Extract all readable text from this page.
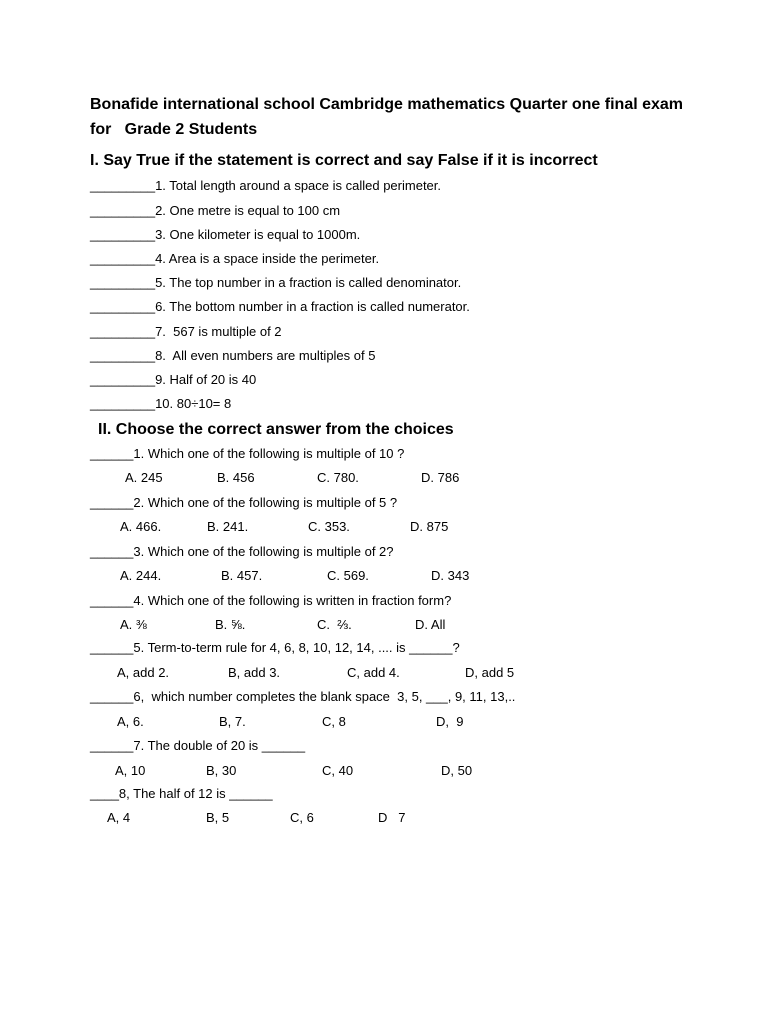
Bonafide international school Cambridge mathematics Quarter one final exam
for   Grade 2 Students
I. Say True if the statement is correct and say False if it is incorrect
_________1. Total length around a space is called perimeter.
_________2. One metre is equal to 100 cm
_________3. One kilometer is equal to 1000m.
_________4. Area is a space inside the perimeter.
_________5. The top number in a fraction is called denominator.
_________6. The bottom number in a fraction is called numerator.
_________7.  567 is multiple of 2
_________8.  All even numbers are multiples of 5
_________9. Half of 20 is 40
_________10. 80÷10= 8
II. Choose the correct answer from the choices
______1. Which one of the following is multiple of 10 ?
A. 245	B. 456	C. 780.	D. 786
______2. Which one of the following is multiple of 5 ?
A. 466.	B. 241.	C. 353.	D. 875
______3. Which one of the following is multiple of 2?
A. 244.	B. 457.	C. 569.	D. 343
______4. Which one of the following is written in fraction form?
A. ⅜	B. ⅝.	C.  ⅔.	D. All
______5. Term-to-term rule for 4, 6, 8, 10, 12, 14, .... is ______?
A, add 2.	B, add 3.	C, add 4.	D, add 5
______6,  which number completes the blank space  3, 5, ___, 9, 11, 13,..
A, 6.	B, 7.	C, 8	D,  9
______7. The double of 20 is ______
A, 10	B, 30	C, 40	D, 50
____8, The half of 12 is ______
A, 4	B, 5	C, 6	D   7
